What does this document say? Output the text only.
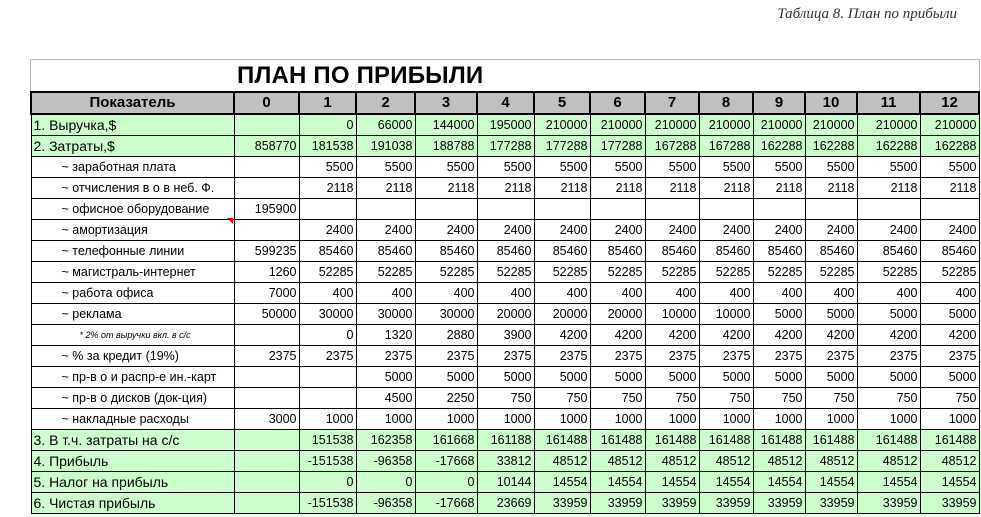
Таблица 8. План по прибыли
ПЛАН ПО ПРИБЫЛИ
Показатель	0	1	2	3	4	5	6	7	8	9	10	11	12
1. Выручка,$		0	66000	144000	195000	210000	210000	210000	210000	210000	210000	210000	210000
2. Затраты,$	858770	181538	191038	188788	177288	177288	177288	167288	167288	162288	162288	162288	162288
~ заработная плата		5500	5500	5500	5500	5500	5500	5500	5500	5500	5500	5500	5500
~ отчисления в о в неб. Ф.		2118	2118	2118	2118	2118	2118	2118	2118	2118	2118	2118	2118
~ офисное оборудование	195900												
~ амортизация		2400	2400	2400	2400	2400	2400	2400	2400	2400	2400	2400	2400
~ телефонные линии	599235	85460	85460	85460	85460	85460	85460	85460	85460	85460	85460	85460	85460
~ магистраль-интернет	1260	52285	52285	52285	52285	52285	52285	52285	52285	52285	52285	52285	52285
~ работа офиса	7000	400	400	400	400	400	400	400	400	400	400	400	400
~ реклама	50000	30000	30000	30000	20000	20000	20000	10000	10000	5000	5000	5000	5000
* 2% от выручки вкл. в с/с		0	1320	2880	3900	4200	4200	4200	4200	4200	4200	4200	4200
~ % за кредит (19%)	2375	2375	2375	2375	2375	2375	2375	2375	2375	2375	2375	2375	2375
~ пр-в о и распр-е ин.-карт			5000	5000	5000	5000	5000	5000	5000	5000	5000	5000	5000
~ пр-в о дисков (док-ция)			4500	2250	750	750	750	750	750	750	750	750	750
~ накладные расходы	3000	1000	1000	1000	1000	1000	1000	1000	1000	1000	1000	1000	1000
3. В т.ч. затраты на с/с		151538	162358	161668	161188	161488	161488	161488	161488	161488	161488	161488	161488
4. Прибыль		-151538	-96358	-17668	33812	48512	48512	48512	48512	48512	48512	48512	48512
5. Налог на прибыль		0	0	0	10144	14554	14554	14554	14554	14554	14554	14554	14554
6. Чистая прибыль		-151538	-96358	-17668	23669	33959	33959	33959	33959	33959	33959	33959	33959
